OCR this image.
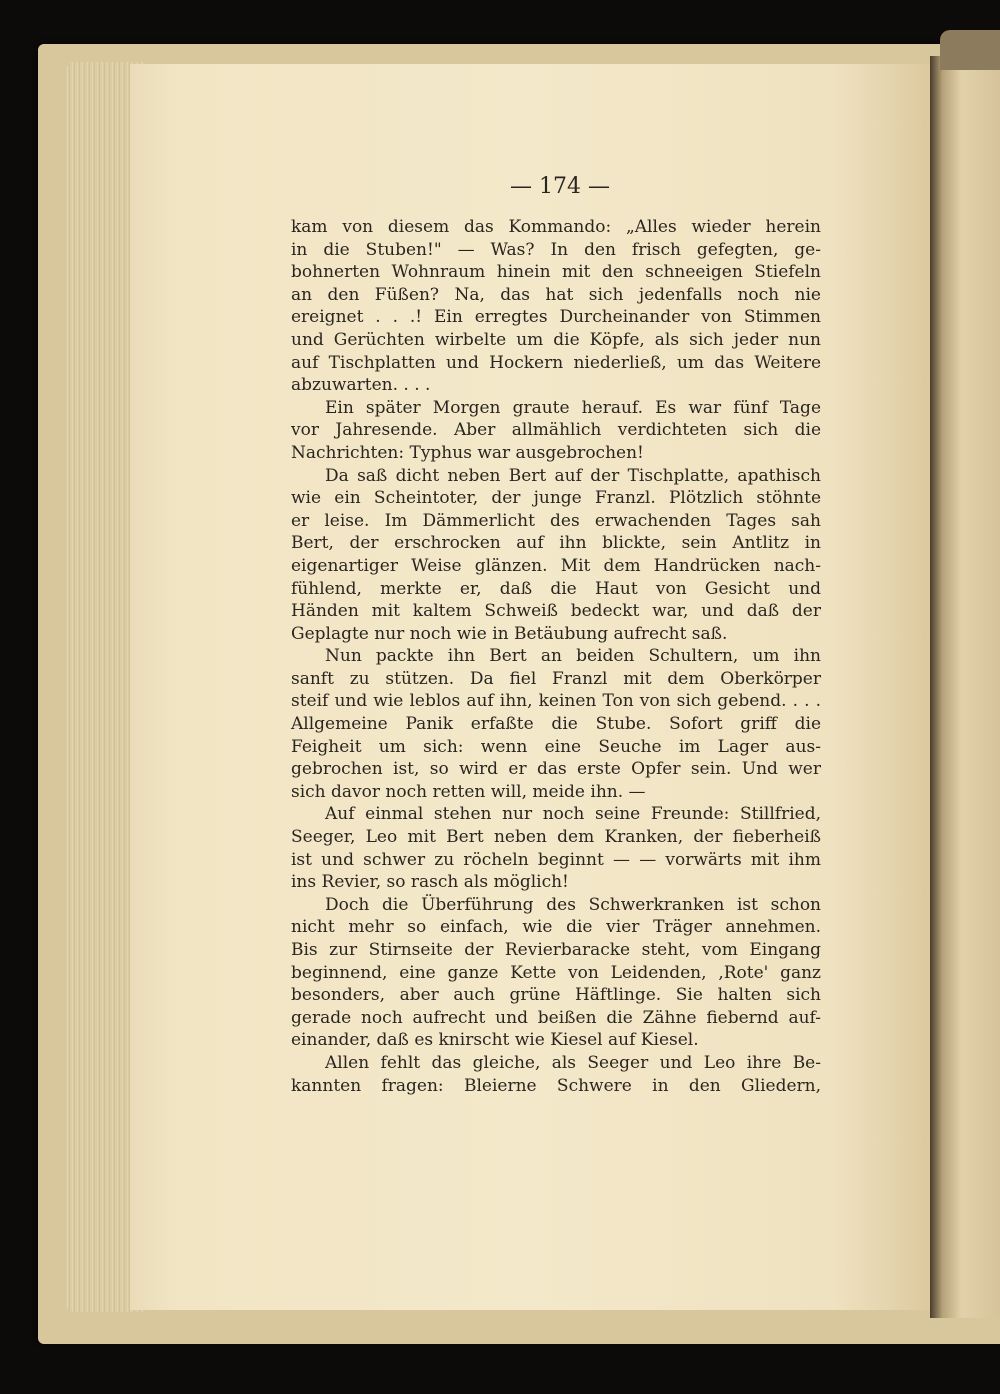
— 174 —
kam von diesem das Kommando: „Alles wieder herein
in die Stuben!" — Was? In den frisch gefegten, ge-
bohnerten Wohnraum hinein mit den schneeigen Stiefeln
an den Füßen? Na, das hat sich jedenfalls noch nie
ereignet . . .! Ein erregtes Durcheinander von Stimmen
und Gerüchten wirbelte um die Köpfe, als sich jeder nun
auf Tischplatten und Hockern niederließ, um das Weitere
abzuwarten. . . .
Ein später Morgen graute herauf. Es war fünf Tage
vor Jahresende. Aber allmählich verdichteten sich die
Nachrichten: Typhus war ausgebrochen!
Da saß dicht neben Bert auf der Tischplatte, apathisch
wie ein Scheintoter, der junge Franzl. Plötzlich stöhnte
er leise. Im Dämmerlicht des erwachenden Tages sah
Bert, der erschrocken auf ihn blickte, sein Antlitz in
eigenartiger Weise glänzen. Mit dem Handrücken nach-
fühlend, merkte er, daß die Haut von Gesicht und
Händen mit kaltem Schweiß bedeckt war, und daß der
Geplagte nur noch wie in Betäubung aufrecht saß.
Nun packte ihn Bert an beiden Schultern, um ihn
sanft zu stützen. Da fiel Franzl mit dem Oberkörper
steif und wie leblos auf ihn, keinen Ton von sich gebend. . . .
Allgemeine Panik erfaßte die Stube. Sofort griff die
Feigheit um sich: wenn eine Seuche im Lager aus-
gebrochen ist, so wird er das erste Opfer sein. Und wer
sich davor noch retten will, meide ihn. —
Auf einmal stehen nur noch seine Freunde: Stillfried,
Seeger, Leo mit Bert neben dem Kranken, der fieberheiß
ist und schwer zu röcheln beginnt — — vorwärts mit ihm
ins Revier, so rasch als möglich!
Doch die Überführung des Schwerkranken ist schon
nicht mehr so einfach, wie die vier Träger annehmen.
Bis zur Stirnseite der Revierbaracke steht, vom Eingang
beginnend, eine ganze Kette von Leidenden, ‚Rote' ganz
besonders, aber auch grüne Häftlinge. Sie halten sich
gerade noch aufrecht und beißen die Zähne fiebernd auf-
einander, daß es knirscht wie Kiesel auf Kiesel.
Allen fehlt das gleiche, als Seeger und Leo ihre Be-
kannten fragen: Bleierne Schwere in den Gliedern,
